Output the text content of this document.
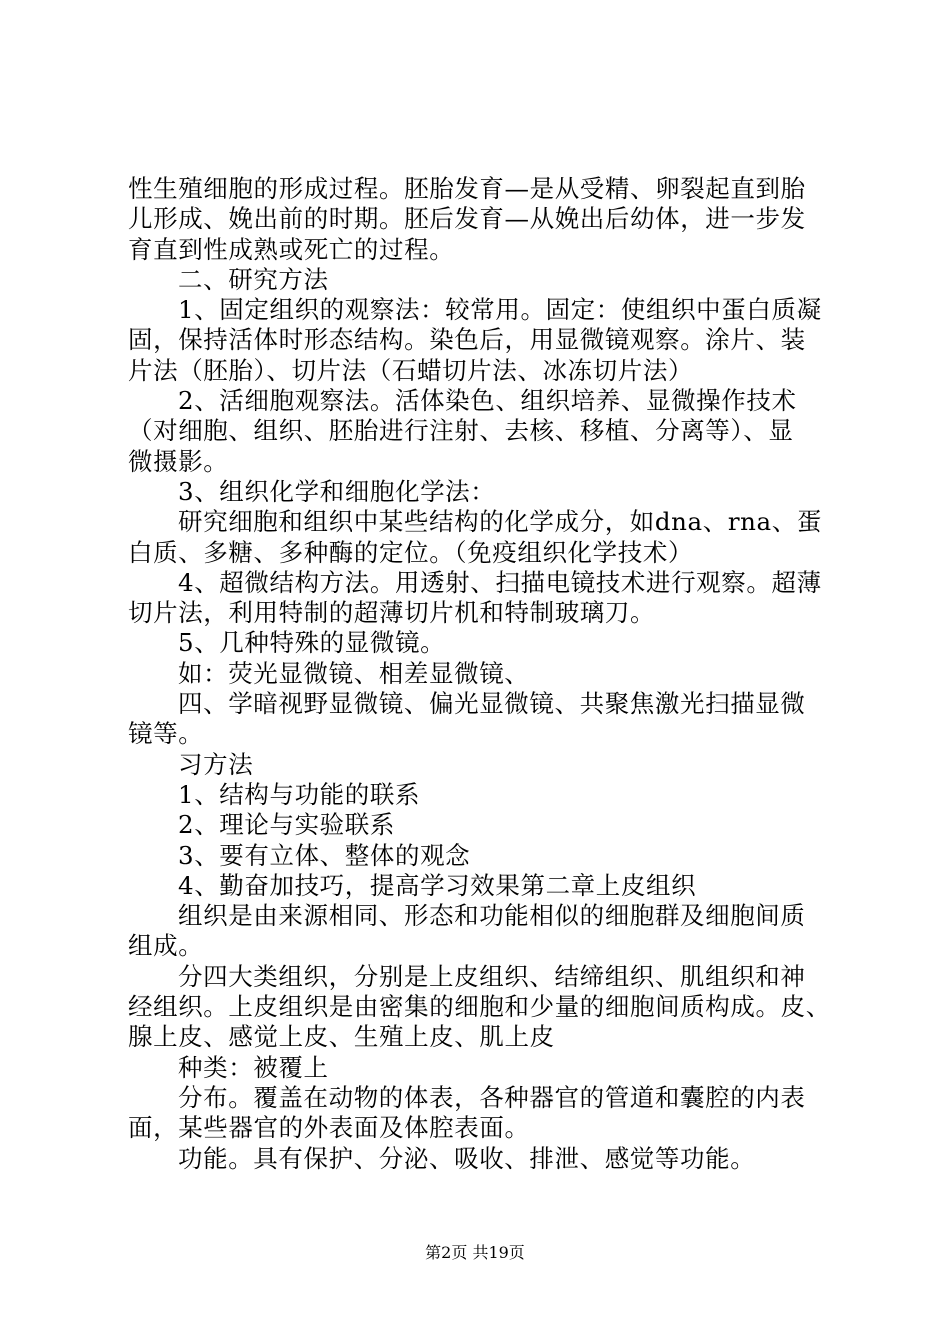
性生殖细胞的形成过程。胚胎发育—是从受精、卵裂起直到胎
儿形成、娩出前的时期。胚后发育—从娩出后幼体，进一步发
育直到性成熟或死亡的过程。
二、研究方法
1、固定组织的观察法：较常用。固定：使组织中蛋白质凝
固，保持活体时形态结构。染色后，用显微镜观察。涂片、装
片法（胚胎）、切片法（石蜡切片法、冰冻切片法）
2、活细胞观察法。活体染色、组织培养、显微操作技术
（对细胞、组织、胚胎进行注射、去核、移植、分离等）、显
微摄影。
3、组织化学和细胞化学法：
研究细胞和组织中某些结构的化学成分，如dna、rna、蛋
白质、多糖、多种酶的定位。（免疫组织化学技术）
4、超微结构方法。用透射、扫描电镜技术进行观察。超薄
切片法，利用特制的超薄切片机和特制玻璃刀。
5、几种特殊的显微镜。
如：荧光显微镜、相差显微镜、
四、学暗视野显微镜、偏光显微镜、共聚焦激光扫描显微
镜等。
习方法
1、结构与功能的联系
2、理论与实验联系
3、要有立体、整体的观念
4、勤奋加技巧，提高学习效果第二章上皮组织
组织是由来源相同、形态和功能相似的细胞群及细胞间质
组成。
分四大类组织，分别是上皮组织、结缔组织、肌组织和神
经组织。上皮组织是由密集的细胞和少量的细胞间质构成。皮、
腺上皮、感觉上皮、生殖上皮、肌上皮
种类：被覆上
分布。覆盖在动物的体表，各种器官的管道和囊腔的内表
面，某些器官的外表面及体腔表面。
功能。具有保护、分泌、吸收、排泄、感觉等功能。
第2页 共19页
